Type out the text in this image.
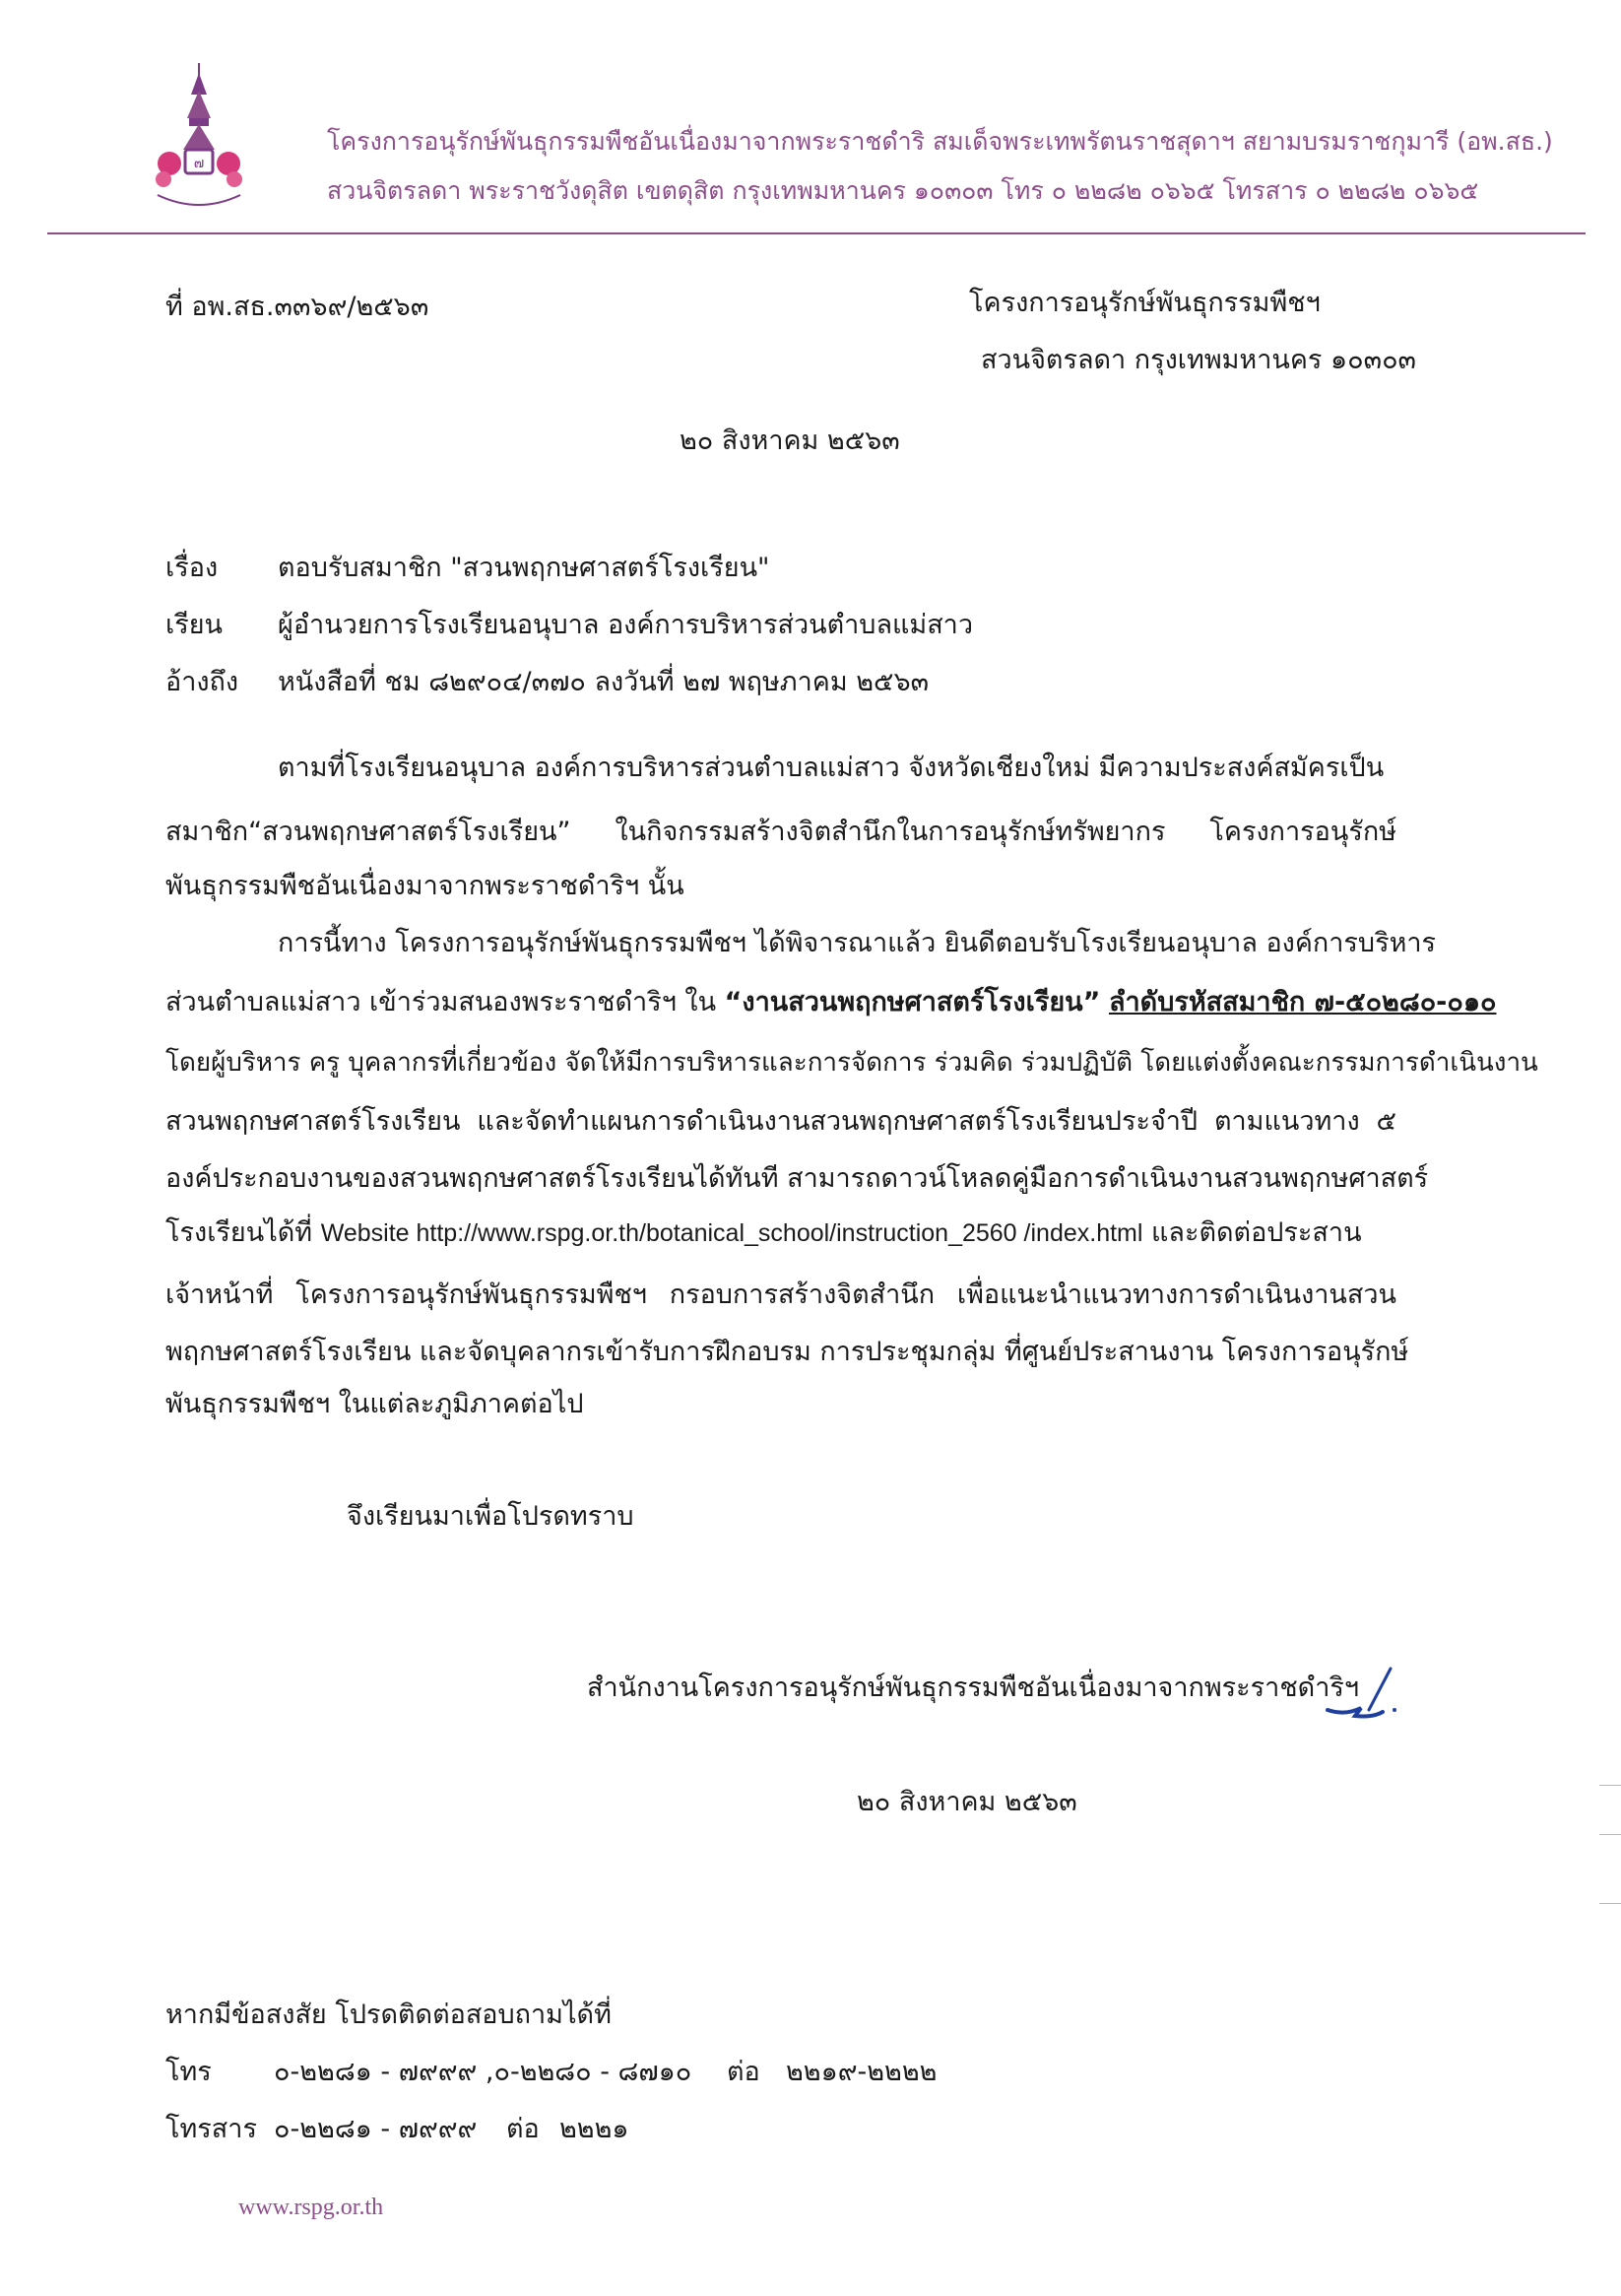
๗
โครงการอนุรักษ์พันธุกรรมพืชอันเนื่องมาจากพระราชดำริ สมเด็จพระเทพรัตนราชสุดาฯ สยามบรมราชกุมารี (อพ.สธ.)
สวนจิตรลดา พระราชวังดุสิต เขตดุสิต กรุงเทพมหานคร ๑๐๓๐๓ โทร ๐ ๒๒๘๒ ๐๖๖๕ โทรสาร ๐ ๒๒๘๒ ๐๖๖๕
ที่ อพ.สธ.๓๓๖๙/๒๕๖๓	โครงการอนุรักษ์พันธุกรรมพืชฯ
สวนจิตรลดา กรุงเทพมหานคร ๑๐๓๐๓
๒๐ สิงหาคม ๒๕๖๓
เรื่อง ตอบรับสมาชิก "สวนพฤกษศาสตร์โรงเรียน"
เรียน ผู้อำนวยการโรงเรียนอนุบาล องค์การบริหารส่วนตำบลแม่สาว
อ้างถึง หนังสือที่ ชม ๘๒๙๐๔/๓๗๐ ลงวันที่ ๒๗ พฤษภาคม ๒๕๖๓
ตามที่โรงเรียนอนุบาล องค์การบริหารส่วนตำบลแม่สาว จังหวัดเชียงใหม่ มีความประสงค์สมัครเป็น
สมาชิก“สวนพฤกษศาสตร์โรงเรียน” ในกิจกรรมสร้างจิตสำนึกในการอนุรักษ์ทรัพยากร โครงการอนุรักษ์
พันธุกรรมพืชอันเนื่องมาจากพระราชดำริฯ นั้น
การนี้ทาง โครงการอนุรักษ์พันธุกรรมพืชฯ ได้พิจารณาแล้ว ยินดีตอบรับโรงเรียนอนุบาล องค์การบริหาร
ส่วนตำบลแม่สาว เข้าร่วมสนองพระราชดำริฯ ใน “งานสวนพฤกษศาสตร์โรงเรียน” ลำดับรหัสสมาชิก ๗-๕๐๒๘๐-๐๑๐
โดยผู้บริหาร ครู บุคลากรที่เกี่ยวข้อง จัดให้มีการบริหารและการจัดการ ร่วมคิด ร่วมปฏิบัติ โดยแต่งตั้งคณะกรรมการดำเนินงาน
สวนพฤกษศาสตร์โรงเรียน และจัดทำแผนการดำเนินงานสวนพฤกษศาสตร์โรงเรียนประจำปี ตามแนวทาง ๕
องค์ประกอบงานของสวนพฤกษศาสตร์โรงเรียนได้ทันที สามารถดาวน์โหลดคู่มือการดำเนินงานสวนพฤกษศาสตร์
โรงเรียนได้ที่ Website http://www.rspg.or.th/botanical_school/instruction_2560 /index.html และติดต่อประสาน
เจ้าหน้าที่ โครงการอนุรักษ์พันธุกรรมพืชฯ กรอบการสร้างจิตสำนึก เพื่อแนะนำแนวทางการดำเนินงานสวน
พฤกษศาสตร์โรงเรียน และจัดบุคลากรเข้ารับการฝึกอบรม การประชุมกลุ่ม ที่ศูนย์ประสานงาน โครงการอนุรักษ์
พันธุกรรมพืชฯ ในแต่ละภูมิภาคต่อไป
จึงเรียนมาเพื่อโปรดทราบ
สำนักงานโครงการอนุรักษ์พันธุกรรมพืชอันเนื่องมาจากพระราชดำริฯ
๒๐ สิงหาคม ๒๕๖๓
หากมีข้อสงสัย โปรดติดต่อสอบถามได้ที่
โทร ๐-๒๒๘๑ - ๗๙๙๙ ,๐-๒๒๘๐ - ๘๗๑๐ ต่อ ๒๒๑๙-๒๒๒๒
โทรสาร ๐-๒๒๘๑ - ๗๙๙๙ ต่อ ๒๒๒๑
www.rspg.or.th
